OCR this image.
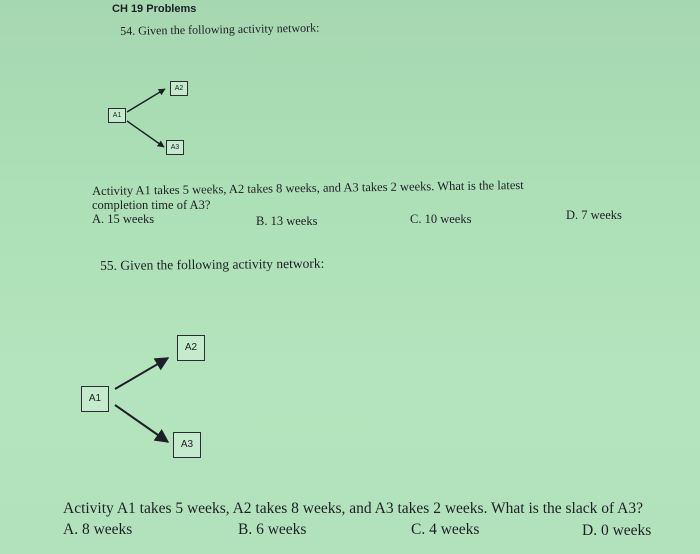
CH 19 Problems
54. Given the following activity network:
A1
A2
A3
Activity A1 takes 5 weeks, A2 takes 8 weeks, and A3 takes 2 weeks. What is the latest
completion time of A3?
A. 15 weeks	B. 13 weeks	C. 10 weeks	D. 7 weeks
55. Given the following activity network:
A1
A2
A3
Activity A1 takes 5 weeks, A2 takes 8 weeks, and A3 takes 2 weeks. What is the slack of A3?
A. 8 weeks	B. 6 weeks	C. 4 weeks	D. 0 weeks
